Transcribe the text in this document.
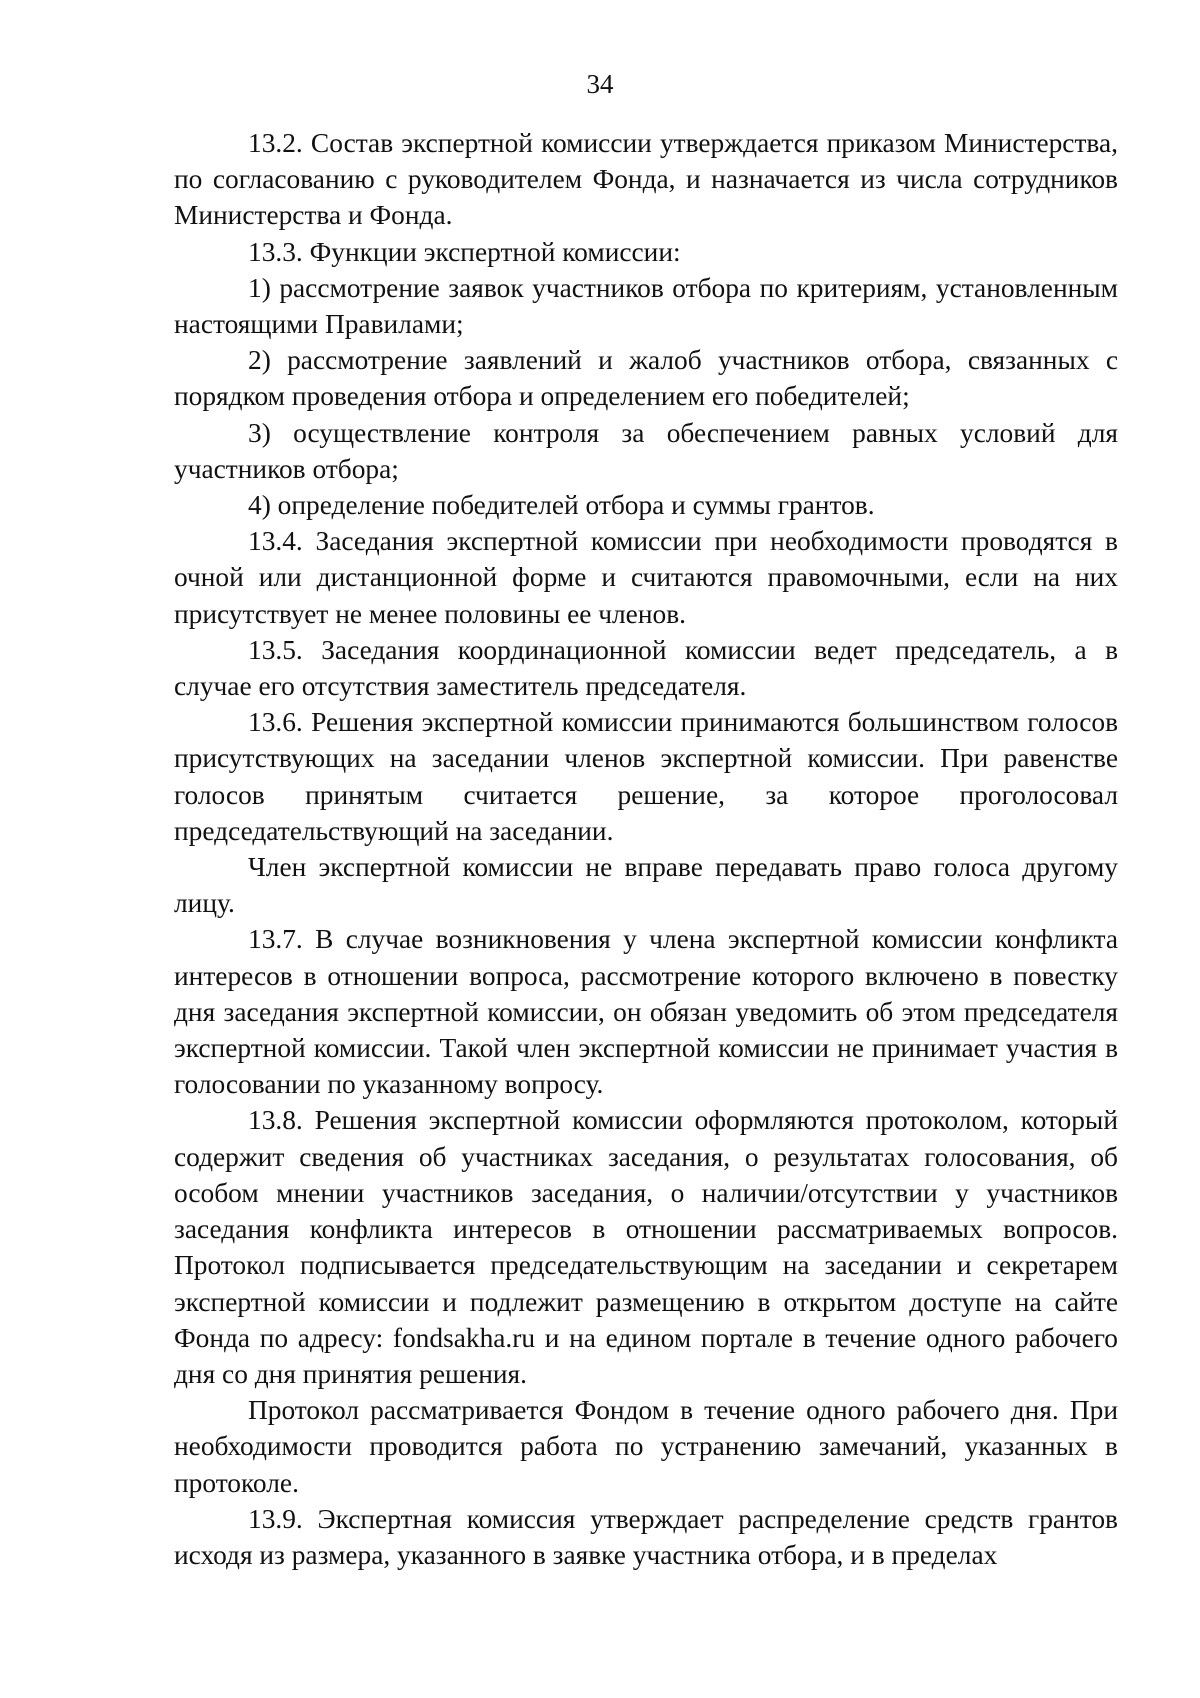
34

13.2. Состав экспертной комиссии утверждается приказом Министерства, по согласованию с руководителем Фонда, и назначается из числа сотрудников Министерства и Фонда.

13.3. Функции экспертной комиссии:

1) рассмотрение заявок участников отбора по критериям, установленным настоящими Правилами;

2) рассмотрение заявлений и жалоб участников отбора, связанных с порядком проведения отбора и определением его победителей;

3) осуществление контроля за обеспечением равных условий для участников отбора;

4) определение победителей отбора и суммы грантов.

13.4. Заседания экспертной комиссии при необходимости проводятся в очной или дистанционной форме и считаются правомочными, если на них присутствует не менее половины ее членов.

13.5. Заседания координационной комиссии ведет председатель, а в случае его отсутствия заместитель председателя.

13.6. Решения экспертной комиссии принимаются большинством голосов присутствующих на заседании членов экспертной комиссии. При равенстве голосов принятым считается решение, за которое проголосовал председательствующий на заседании.

Член экспертной комиссии не вправе передавать право голоса другому лицу.

13.7. В случае возникновения у члена экспертной комиссии конфликта интересов в отношении вопроса, рассмотрение которого включено в повестку дня заседания экспертной комиссии, он обязан уведомить об этом председателя экспертной комиссии. Такой член экспертной комиссии не принимает участия в голосовании по указанному вопросу.

13.8. Решения экспертной комиссии оформляются протоколом, который содержит сведения об участниках заседания, о результатах голосования, об особом мнении участников заседания, о наличии/отсутствии у участников заседания конфликта интересов в отношении рассматриваемых вопросов. Протокол подписывается председательствующим на заседании и секретарем экспертной комиссии и подлежит размещению в открытом доступе на сайте Фонда по адресу: fondsakha.ru и на едином портале в течение одного рабочего дня со дня принятия решения.

Протокол рассматривается Фондом в течение одного рабочего дня. При необходимости проводится работа по устранению замечаний, указанных в протоколе.

13.9. Экспертная комиссия утверждает распределение средств грантов исходя из размера, указанного в заявке участника отбора, и в пределах
